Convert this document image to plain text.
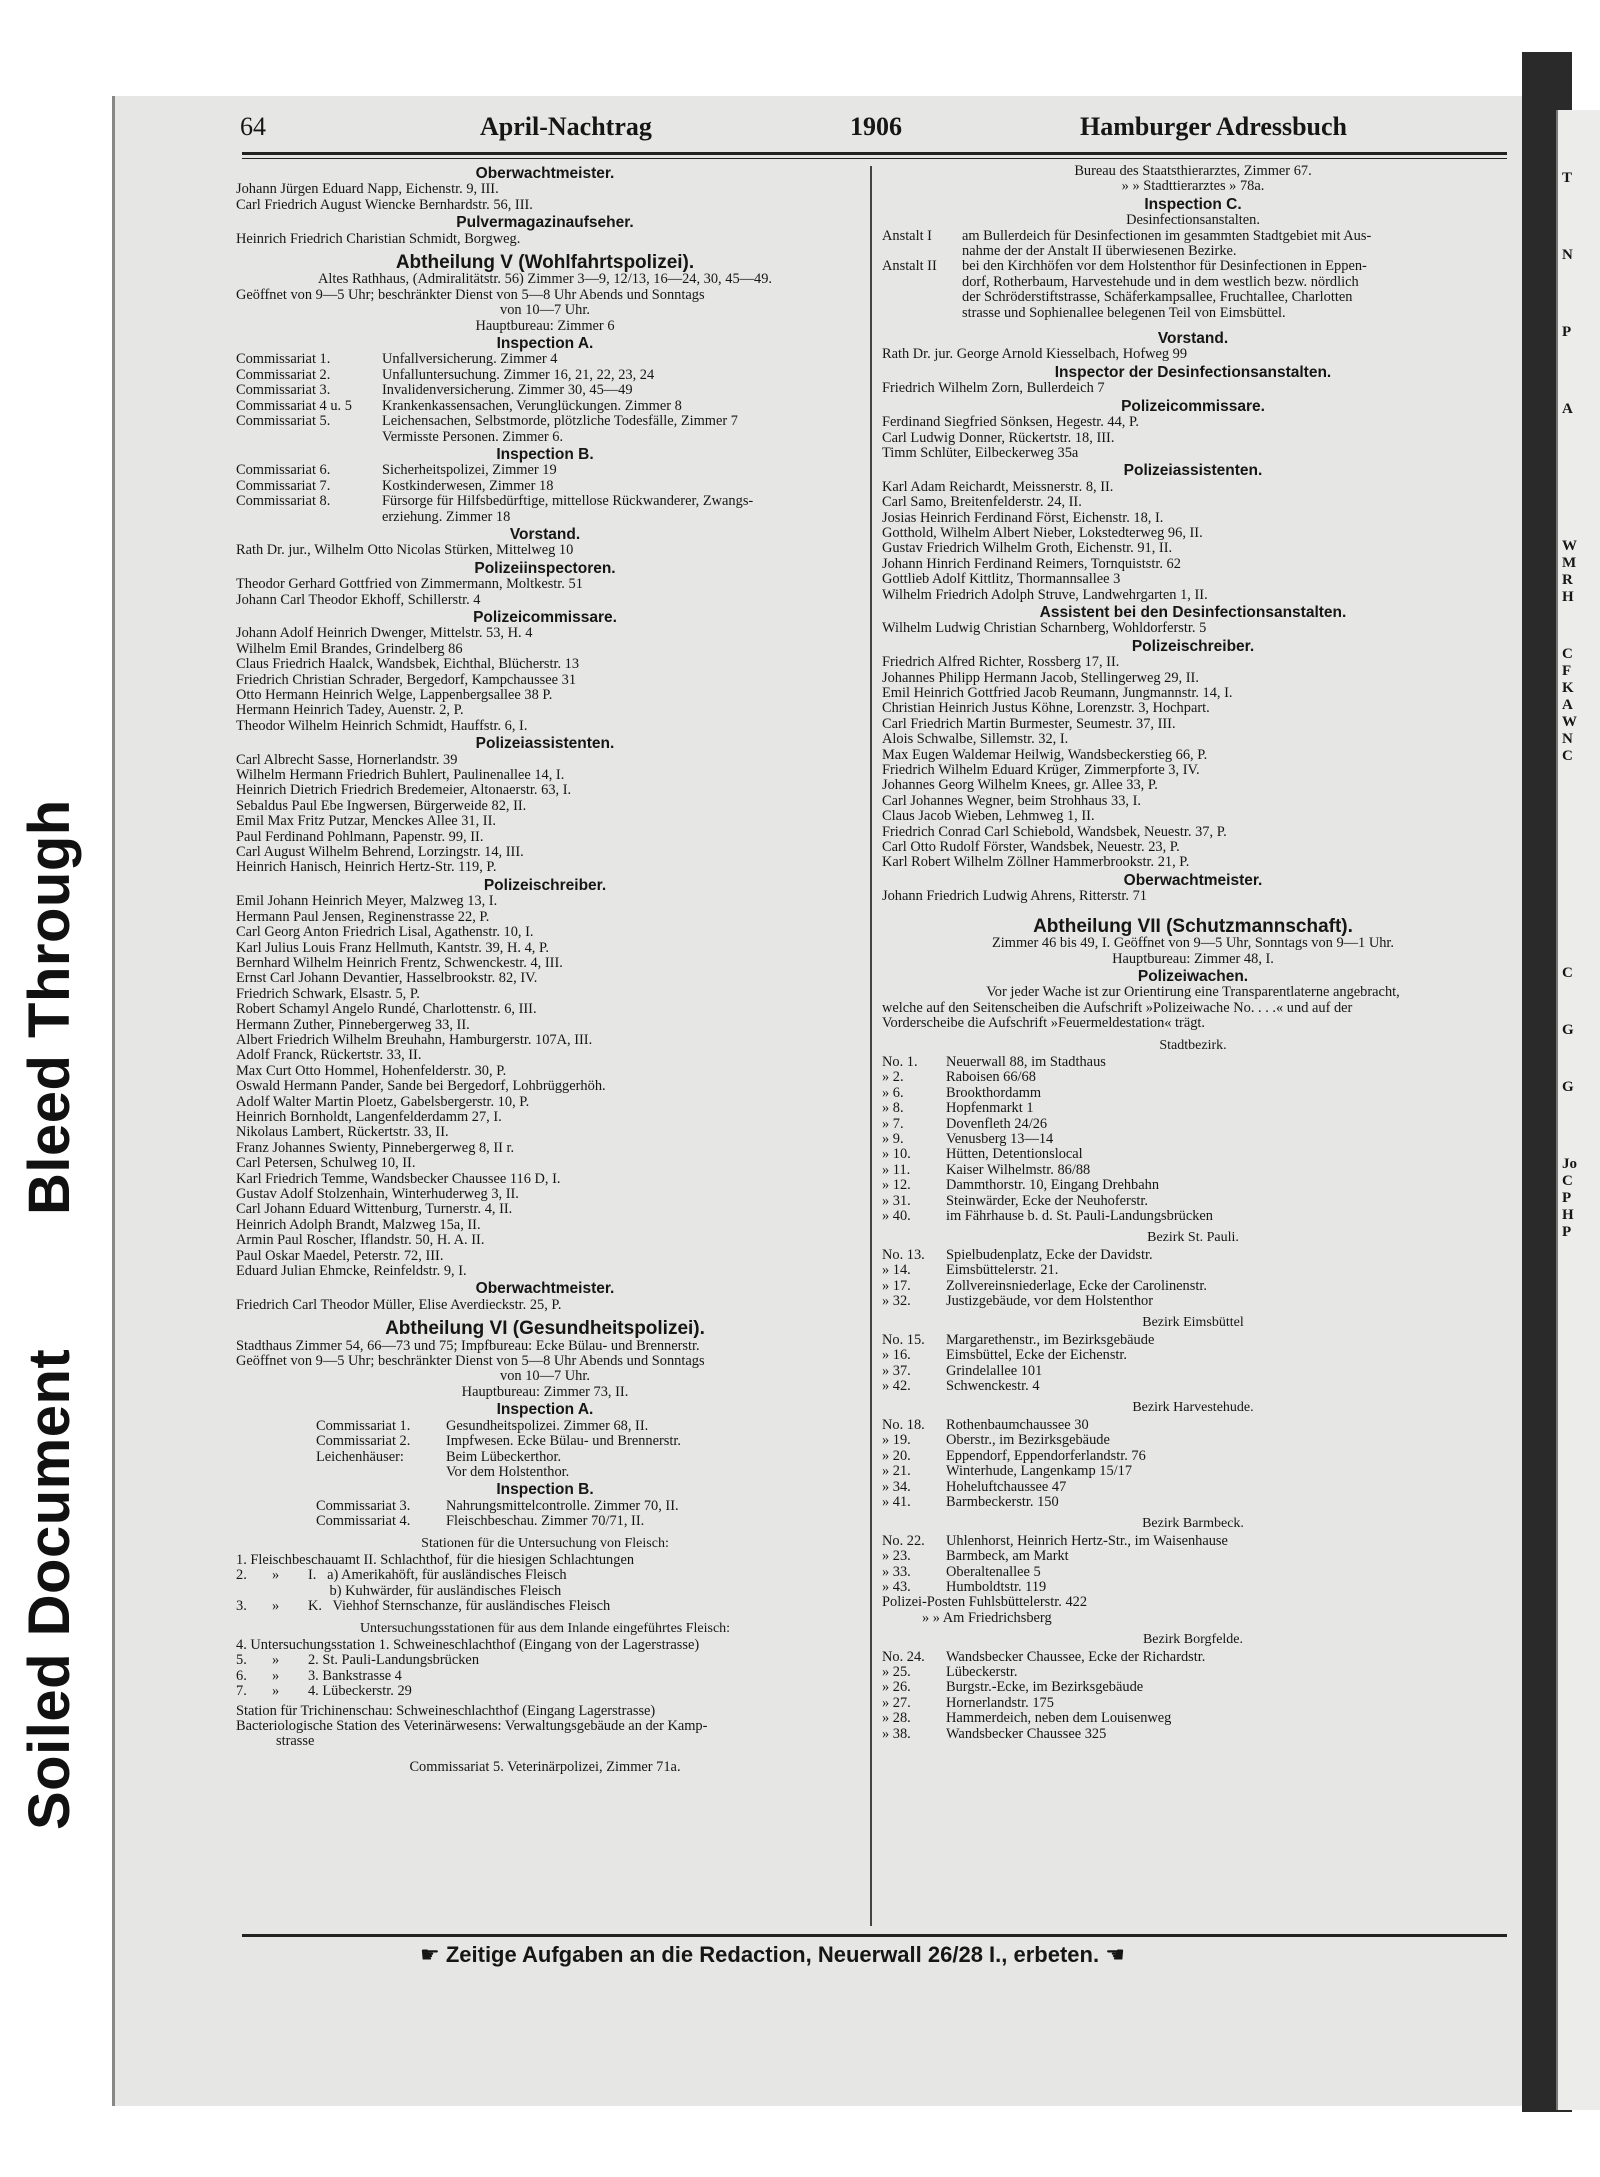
Soiled Document
Bleed Through
T
N
P
A
W
M
R
H
C
F
K
A
W
N
C
C
G
G
Jo
C
P
H
P
64	April-Nachtrag	1906	Hamburger Adressbuch
Oberwachtmeister.
Johann Jürgen Eduard Napp, Eichenstr. 9, III.
Carl Friedrich August Wiencke Bernhardstr. 56, III.
Pulvermagazinaufseher.
Heinrich Friedrich Charistian Schmidt, Borgweg.
Abtheilung V (Wohlfahrtspolizei).
Altes Rathhaus, (Admiralitätstr. 56) Zimmer 3—9, 12/13, 16—24, 30, 45—49.
Geöffnet von 9—5 Uhr; beschränkter Dienst von 5—8 Uhr Abends und Sonntags
von 10—7 Uhr.
Hauptbureau: Zimmer 6
Inspection A.
Commissariat 1.	Unfallversicherung. Zimmer 4
Commissariat 2.	Unfalluntersuchung. Zimmer 16, 21, 22, 23, 24
Commissariat 3.	Invalidenversicherung. Zimmer 30, 45—49
Commissariat 4 u. 5	Krankenkassensachen, Verunglückungen. Zimmer 8
Commissariat 5.	Leichensachen, Selbstmorde, plötzliche Todesfälle, Zimmer 7
Vermisste Personen. Zimmer 6.
Inspection B.
Commissariat 6.	Sicherheitspolizei, Zimmer 19
Commissariat 7.	Kostkinderwesen, Zimmer 18
Commissariat 8.	Fürsorge für Hilfsbedürftige, mittellose Rückwanderer, Zwangs-
erziehung. Zimmer 18
Vorstand.
Rath Dr. jur., Wilhelm Otto Nicolas Stürken, Mittelweg 10
Polizeiinspectoren.
Theodor Gerhard Gottfried von Zimmermann, Moltkestr. 51
Johann Carl Theodor Ekhoff, Schillerstr. 4
Polizeicommissare.
Johann Adolf Heinrich Dwenger, Mittelstr. 53, H. 4
Wilhelm Emil Brandes, Grindelberg 86
Claus Friedrich Haalck, Wandsbek, Eichthal, Blücherstr. 13
Friedrich Christian Schrader, Bergedorf, Kampchaussee 31
Otto Hermann Heinrich Welge, Lappenbergsallee 38 P.
Hermann Heinrich Tadey, Auenstr. 2, P.
Theodor Wilhelm Heinrich Schmidt, Hauffstr. 6, I.
Polizeiassistenten.
Carl Albrecht Sasse, Hornerlandstr. 39
Wilhelm Hermann Friedrich Buhlert, Paulinenallee 14, I.
Heinrich Dietrich Friedrich Bredemeier, Altonaerstr. 63, I.
Sebaldus Paul Ebe Ingwersen, Bürgerweide 82, II.
Emil Max Fritz Putzar, Menckes Allee 31, II.
Paul Ferdinand Pohlmann, Papenstr. 99, II.
Carl August Wilhelm Behrend, Lorzingstr. 14, III.
Heinrich Hanisch, Heinrich Hertz-Str. 119, P.
Polizeischreiber.
Emil Johann Heinrich Meyer, Malzweg 13, I.
Hermann Paul Jensen, Reginenstrasse 22, P.
Carl Georg Anton Friedrich Lisal, Agathenstr. 10, I.
Karl Julius Louis Franz Hellmuth, Kantstr. 39, H. 4, P.
Bernhard Wilhelm Heinrich Frentz, Schwenckestr. 4, III.
Ernst Carl Johann Devantier, Hasselbrookstr. 82, IV.
Friedrich Schwark, Elsastr. 5, P.
Robert Schamyl Angelo Rundé, Charlottenstr. 6, III.
Hermann Zuther, Pinnebergerweg 33, II.
Albert Friedrich Wilhelm Breuhahn, Hamburgerstr. 107A, III.
Adolf Franck, Rückertstr. 33, II.
Max Curt Otto Hommel, Hohenfelderstr. 30, P.
Oswald Hermann Pander, Sande bei Bergedorf, Lohbrüggerhöh.
Adolf Walter Martin Ploetz, Gabelsbergerstr. 10, P.
Heinrich Bornholdt, Langenfelderdamm 27, I.
Nikolaus Lambert, Rückertstr. 33, II.
Franz Johannes Swienty, Pinnebergerweg 8, II r.
Carl Petersen, Schulweg 10, II.
Karl Friedrich Temme, Wandsbecker Chaussee 116 D, I.
Gustav Adolf Stolzenhain, Winterhuderweg 3, II.
Carl Johann Eduard Wittenburg, Turnerstr. 4, II.
Heinrich Adolph Brandt, Malzweg 15a, II.
Armin Paul Roscher, Iflandstr. 50, H. A. II.
Paul Oskar Maedel, Peterstr. 72, III.
Eduard Julian Ehmcke, Reinfeldstr. 9, I.
Oberwachtmeister.
Friedrich Carl Theodor Müller, Elise Averdieckstr. 25, P.
Abtheilung VI (Gesundheitspolizei).
Stadthaus Zimmer 54, 66—73 und 75; Impfbureau: Ecke Bülau- und Brennerstr.
Geöffnet von 9—5 Uhr; beschränkter Dienst von 5—8 Uhr Abends und Sonntags
von 10—7 Uhr.
Hauptbureau: Zimmer 73, II.
Inspection A.
Commissariat 1.	Gesundheitspolizei. Zimmer 68, II.
Commissariat 2.	Impfwesen. Ecke Bülau- und Brennerstr.
Leichenhäuser:	Beim Lübeckerthor.
Vor dem Holstenthor.
Inspection B.
Commissariat 3.	Nahrungsmittelcontrolle. Zimmer 70, II.
Commissariat 4.	Fleischbeschau. Zimmer 70/71, II.
Stationen für die Untersuchung von Fleisch:
1. Fleischbeschauamt II. Schlachthof, für die hiesigen Schlachtungen
2.       »        I.   a) Amerikahöft, für ausländisches Fleisch
b) Kuhwärder, für ausländisches Fleisch
3.       »        K.   Viehhof Sternschanze, für ausländisches Fleisch
Untersuchungsstationen für aus dem Inlande eingeführtes Fleisch:
4. Untersuchungsstation 1. Schweineschlachthof (Eingang von der Lagerstrasse)
5.       »        2. St. Pauli-Landungsbrücken
6.       »        3. Bankstrasse 4
7.       »        4. Lübeckerstr. 29
Station für Trichinenschau: Schweineschlachthof (Eingang Lagerstrasse)
Bacteriologische Station des Veterinärwesens: Verwaltungsgebäude an der Kamp-
strasse
Commissariat 5. Veterinärpolizei, Zimmer 71a.
Bureau des Staatsthierarztes, Zimmer 67.
» » Stadttierarztes » 78a.
Inspection C.
Desinfectionsanstalten.
Anstalt I	am Bullerdeich für Desinfectionen im gesammten Stadtgebiet mit Aus-
nahme der der Anstalt II überwiesenen Bezirke.
Anstalt II	bei den Kirchhöfen vor dem Holstenthor für Desinfectionen in Eppen-
dorf, Rotherbaum, Harvestehude und in dem westlich bezw. nördlich
der Schröderstiftstrasse, Schäferkampsallee, Fruchtallee, Charlotten
strasse und Sophienallee belegenen Teil von Eimsbüttel.
Vorstand.
Rath Dr. jur. George Arnold Kiesselbach, Hofweg 99
Inspector der Desinfectionsanstalten.
Friedrich Wilhelm Zorn, Bullerdeich 7
Polizeicommissare.
Ferdinand Siegfried Sönksen, Hegestr. 44, P.
Carl Ludwig Donner, Rückertstr. 18, III.
Timm Schlüter, Eilbeckerweg 35a
Polizeiassistenten.
Karl Adam Reichardt, Meissnerstr. 8, II.
Carl Samo, Breitenfelderstr. 24, II.
Josias Heinrich Ferdinand Först, Eichenstr. 18, I.
Gotthold, Wilhelm Albert Nieber, Lokstedterweg 96, II.
Gustav Friedrich Wilhelm Groth, Eichenstr. 91, II.
Johann Hinrich Ferdinand Reimers, Tornquiststr. 62
Gottlieb Adolf Kittlitz, Thormannsallee 3
Wilhelm Friedrich Adolph Struve, Landwehrgarten 1, II.
Assistent bei den Desinfectionsanstalten.
Wilhelm Ludwig Christian Scharnberg, Wohldorferstr. 5
Polizeischreiber.
Friedrich Alfred Richter, Rossberg 17, II.
Johannes Philipp Hermann Jacob, Stellingerweg 29, II.
Emil Heinrich Gottfried Jacob Reumann, Jungmannstr. 14, I.
Christian Heinrich Justus Köhne, Lorenzstr. 3, Hochpart.
Carl Friedrich Martin Burmester, Seumestr. 37, III.
Alois Schwalbe, Sillemstr. 32, I.
Max Eugen Waldemar Heilwig, Wandsbeckerstieg 66, P.
Friedrich Wilhelm Eduard Krüger, Zimmerpforte 3, IV.
Johannes Georg Wilhelm Knees, gr. Allee 33, P.
Carl Johannes Wegner, beim Strohhaus 33, I.
Claus Jacob Wieben, Lehmweg 1, II.
Friedrich Conrad Carl Schiebold, Wandsbek, Neuestr. 37, P.
Carl Otto Rudolf Förster, Wandsbek, Neuestr. 23, P.
Karl Robert Wilhelm Zöllner Hammerbrookstr. 21, P.
Oberwachtmeister.
Johann Friedrich Ludwig Ahrens, Ritterstr. 71
Abtheilung VII (Schutzmannschaft).
Zimmer 46 bis 49, I. Geöffnet von 9—5 Uhr, Sonntags von 9—1 Uhr.
Hauptbureau: Zimmer 48, I.
Polizeiwachen.
Vor jeder Wache ist zur Orientirung eine Transparentlaterne angebracht,
welche auf den Seitenscheiben die Aufschrift »Polizeiwache No. . . .« und auf der
Vorderscheibe die Aufschrift »Feuermeldestation« trägt.
Stadtbezirk.
No. 1.	Neuerwall 88, im Stadthaus
» 2.	Raboisen 66/68
» 6.	Brookthordamm
» 8.	Hopfenmarkt 1
» 7.	Dovenfleth 24/26
» 9.	Venusberg 13—14
» 10.	Hütten, Detentionslocal
» 11.	Kaiser Wilhelmstr. 86/88
» 12.	Dammthorstr. 10, Eingang Drehbahn
» 31.	Steinwärder, Ecke der Neuhoferstr.
» 40.	im Fährhause b. d. St. Pauli-Landungsbrücken
Bezirk St. Pauli.
No. 13.	Spielbudenplatz, Ecke der Davidstr.
» 14.	Eimsbüttelerstr. 21.
» 17.	Zollvereinsniederlage, Ecke der Carolinenstr.
» 32.	Justizgebäude, vor dem Holstenthor
Bezirk Eimsbüttel
No. 15.	Margarethenstr., im Bezirksgebäude
» 16.	Eimsbüttel, Ecke der Eichenstr.
» 37.	Grindelallee 101
» 42.	Schwenckestr. 4
Bezirk Harvestehude.
No. 18.	Rothenbaumchaussee 30
» 19.	Oberstr., im Bezirksgebäude
» 20.	Eppendorf, Eppendorferlandstr. 76
» 21.	Winterhude, Langenkamp 15/17
» 34.	Hoheluftchaussee 47
» 41.	Barmbeckerstr. 150
Bezirk Barmbeck.
No. 22.	Uhlenhorst, Heinrich Hertz-Str., im Waisenhause
» 23.	Barmbeck, am Markt
» 33.	Oberaltenallee 5
» 43.	Humboldtstr. 119
Polizei-Posten Fuhlsbüttelerstr. 422
» » Am Friedrichsberg
Bezirk Borgfelde.
No. 24.	Wandsbecker Chaussee, Ecke der Richardstr.
» 25.	Lübeckerstr.
» 26.	Burgstr.-Ecke, im Bezirksgebäude
» 27.	Hornerlandstr. 175
» 28.	Hammerdeich, neben dem Louisenweg
» 38.	Wandsbecker Chaussee 325
☛ Zeitige Aufgaben an die Redaction, Neuerwall 26/28 I., erbeten. ☚
